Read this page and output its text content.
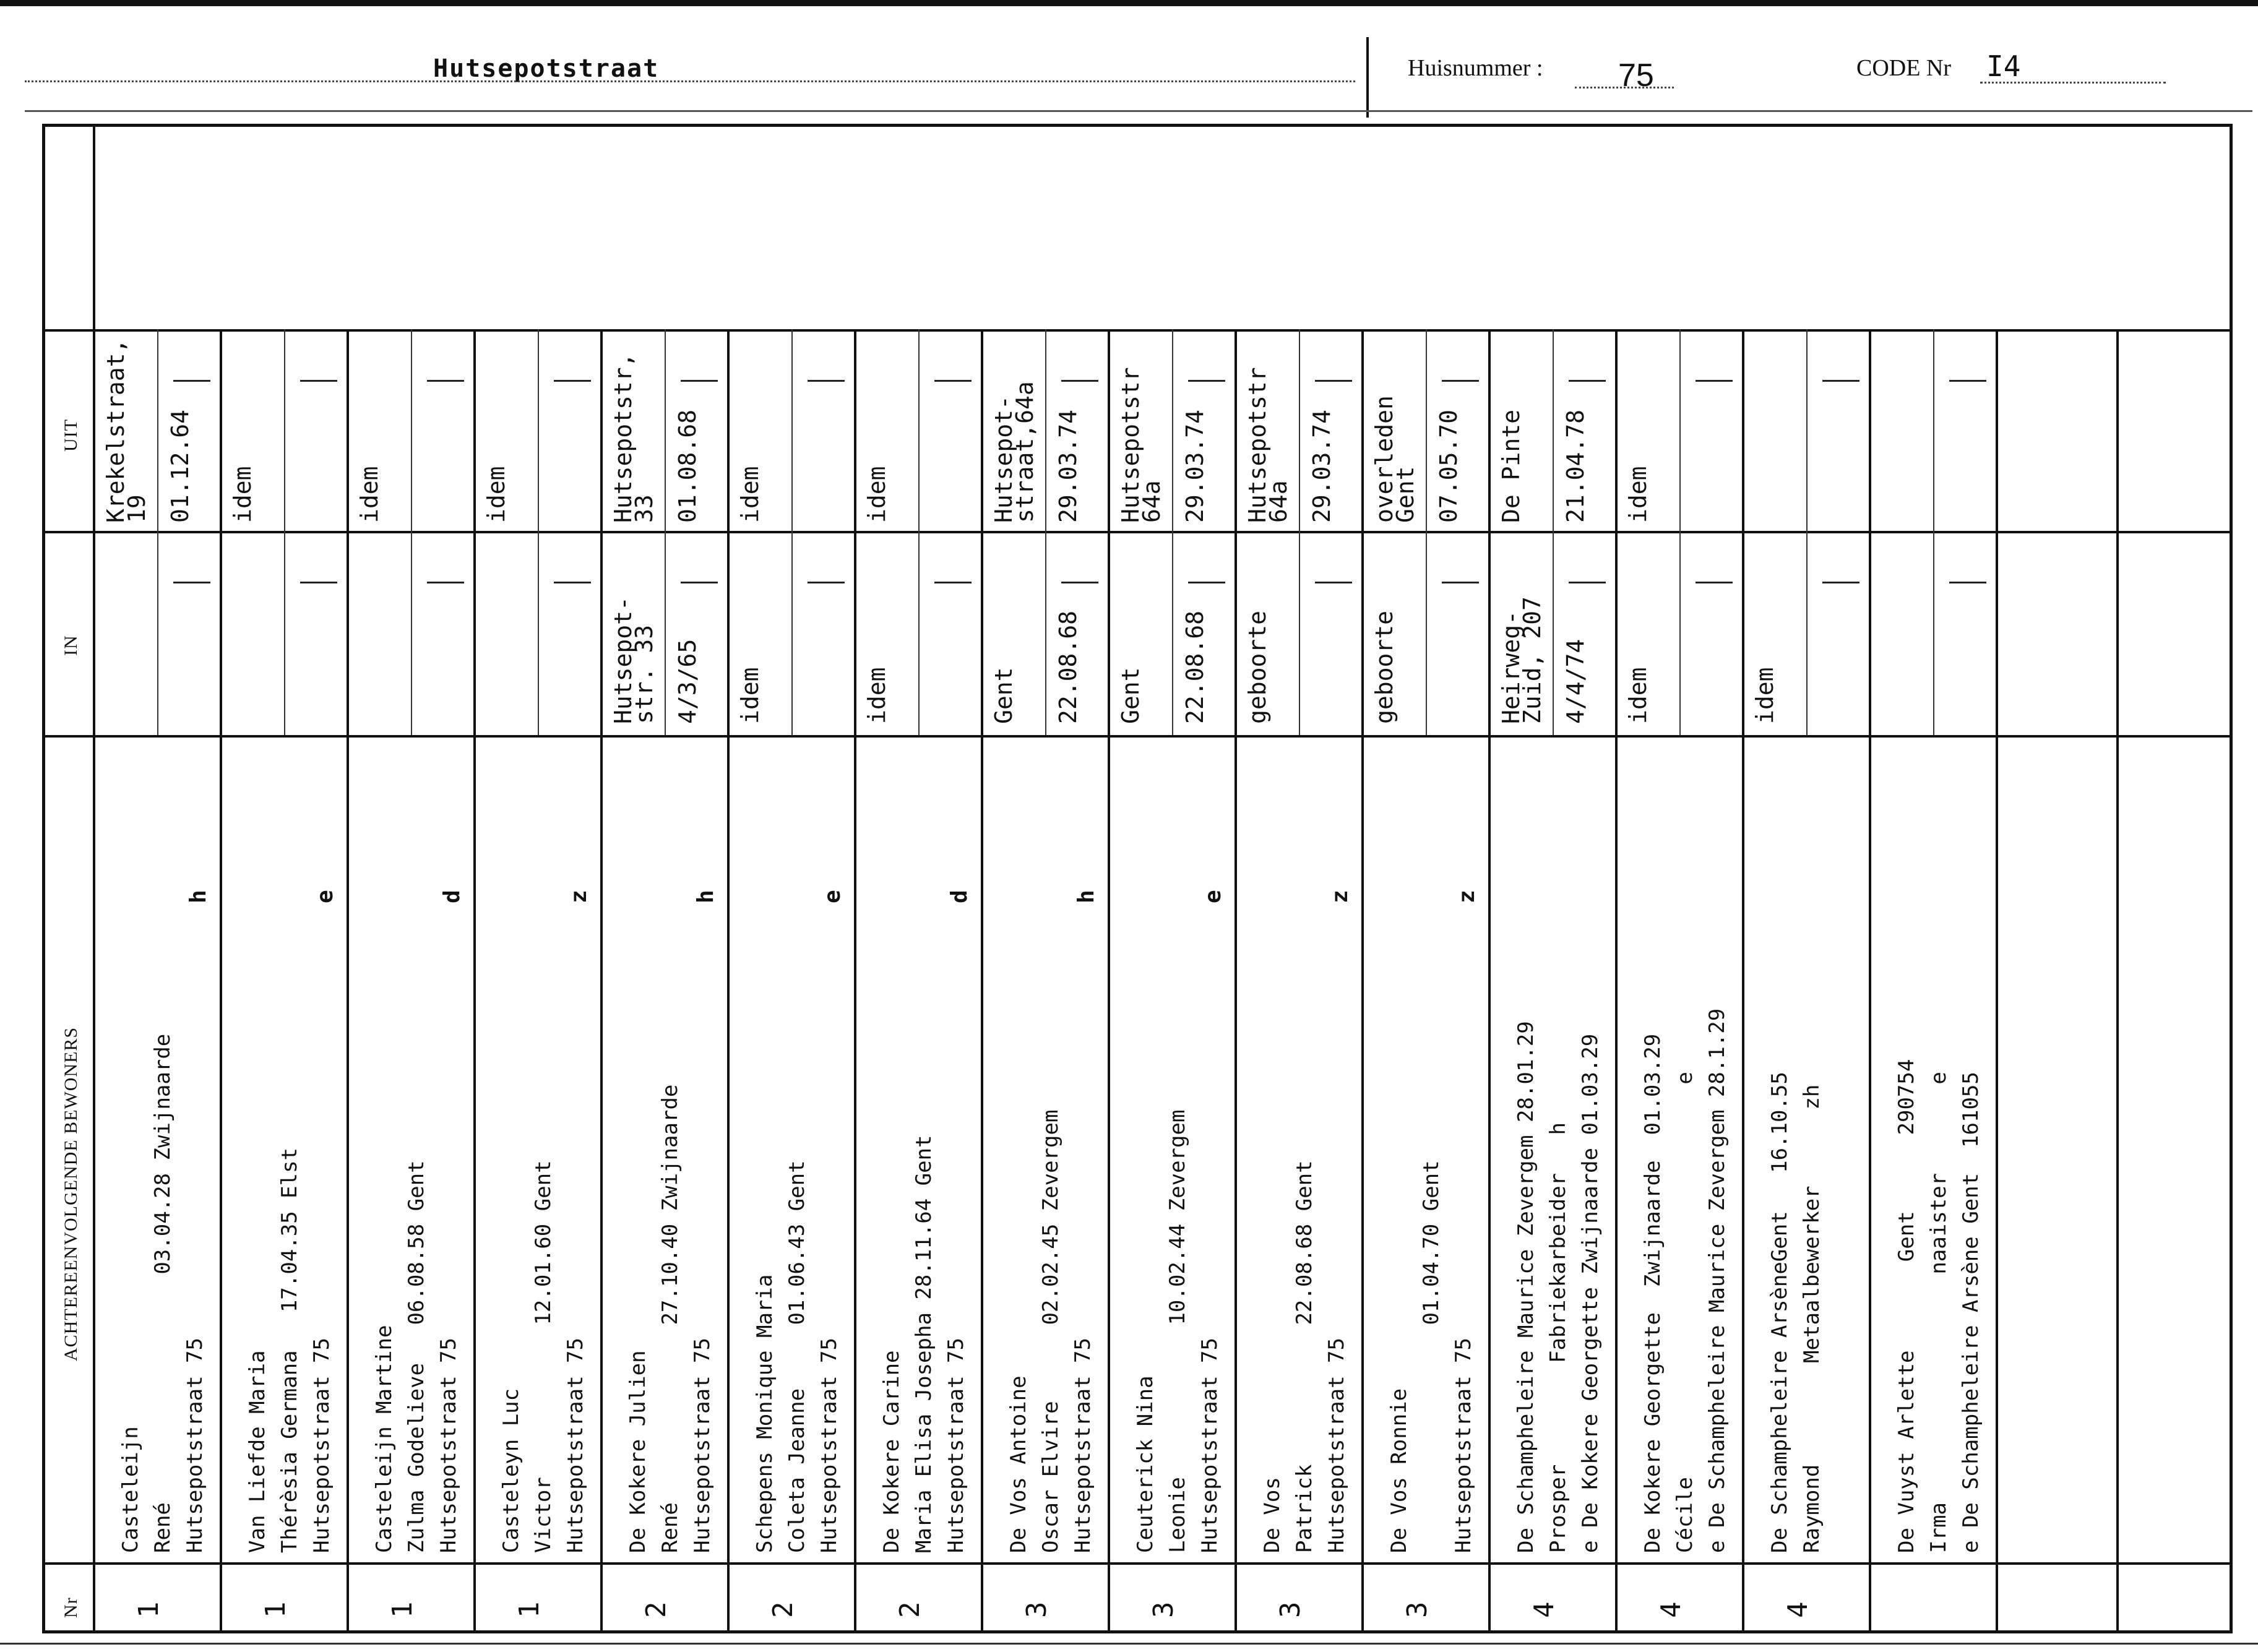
Hutsepotstraat	Huisnummer : 75	CODE Nr I4
Nr
ACHTEREENVOLGENDE BEWONERS
IN
UIT
1
Casteleijn René                  03.04.28 Zwijnaarde Hutsepotstraat 75
h
Krekelstraat, 19 01.12.64
1
Van Liefde Maria Thérèsia Germana   17.04.35 Elst Hutsepotstraat 75
e
idem
1
Casteleijn Martine Zulma Godelieve   06.08.58 Gent Hutsepotstraat 75
d
idem
1
Casteleyn Luc Victor            12.01.60 Gent Hutsepotstraat 75
z
idem
2
De Kokere Julien René              27.10.40 Zwijnaarde Hutsepotstraat 75
h
Hutsepot- str. 33 4/3/65
Hutsepotstr, 33 01.08.68
2
Schepens Monique Maria Coleta Jeanne     01.06.43 Gent Hutsepotstraat 75
e
idem
idem
2
De Kokere Carine Maria Elisa Josepha 28.11.64 Gent Hutsepotstraat 75
d
idem
idem
3
De Vos Antoine Oscar Elvire      02.02.45 Zevergem Hutsepotstraat 75
h
Gent 22.08.68
Hutsepot- straat,64a 29.03.74
3
Ceuterick Nina Leonie            10.02.44 Zevergem Hutsepotstraat 75
e
Gent 22.08.68
Hutsepotstr 64a 29.03.74
3
De Vos Patrick           22.08.68 Gent Hutsepotstraat 75
z
geboorte
Hutsepotstr 64a 29.03.74
3
De Vos Ronnie 01.04.70 Gent Hutsepotstraat 75
z
geboorte
overleden Gent 07.05.70
4
De Schampheleire Maurice Zevergem 28.01.29 Prosper        Fabriekarbeider   h e De Kokere Georgette Zwijnaarde 01.03.29
Heirweg- Zuid, 207 4/4/74
De Pinte 21.04.78
4
De Kokere Georgette  Zwijnaarde  01.03.29 Cécile                               e e De Schampheleire Maurice Zevergem 28.1.29
idem
idem
4
De Schampheleire ArsèneGent   16.10.55 Raymond        Metaalbewerker      zh
idem
De Vuyst Arlette       Gent      290754 Irma                  naaister       e e De Schampheleire Arsène Gent  161055
